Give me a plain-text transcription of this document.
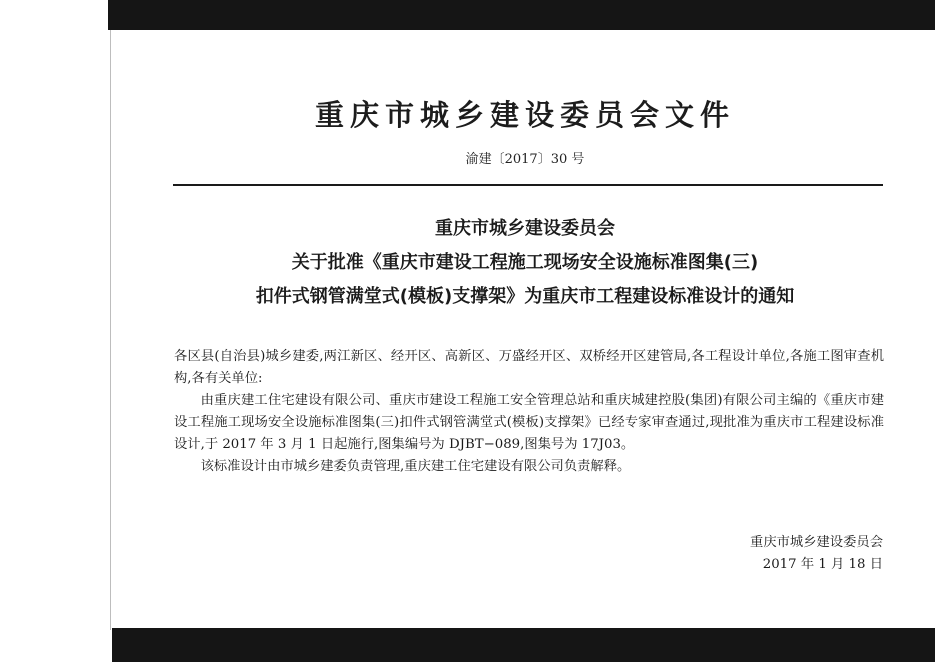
重庆市城乡建设委员会文件
渝建〔2017〕30 号
重庆市城乡建设委员会
关于批准《重庆市建设工程施工现场安全设施标准图集(三)
扣件式钢管满堂式(模板)支撑架》为重庆市工程建设标准设计的通知

各区县(自治县)城乡建委,两江新区、经开区、高新区、万盛经开区、双桥经开区建管局,各工程设计单位,各施工图审查机构,各有关单位:

由重庆建工住宅建设有限公司、重庆市建设工程施工安全管理总站和重庆城建控股(集团)有限公司主编的《重庆市建设工程施工现场安全设施标准图集(三)扣件式钢管满堂式(模板)支撑架》已经专家审查通过,现批准为重庆市工程建设标准设计,于 2017 年 3 月 1 日起施行,图集编号为 DJBT−089,图集号为 17J03。

该标准设计由市城乡建委负责管理,重庆建工住宅建设有限公司负责解释。

重庆市城乡建设委员会
2017 年 1 月 18 日
